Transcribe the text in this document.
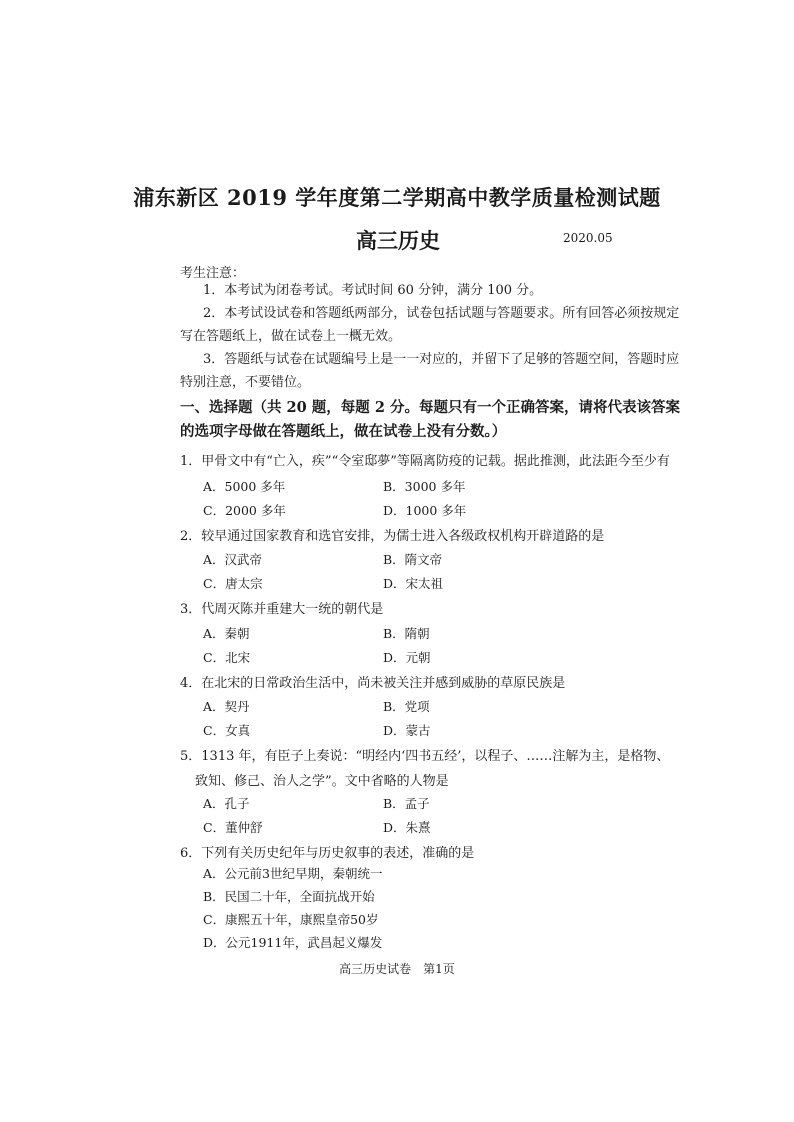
浦东新区 2019 学年度第二学期高中教学质量检测试题
高三历史	2020.05
考生注意：
1．本考试为闭卷考试。考试时间 60 分钟，满分 100 分。
2．本考试设试卷和答题纸两部分，试卷包括试题与答题要求。所有回答必须按规定
写在答题纸上，做在试卷上一概无效。
3．答题纸与试卷在试题编号上是一一对应的，并留下了足够的答题空间，答题时应
特别注意，不要错位。
一、选择题（共 20 题，每题 2 分。每题只有一个正确答案，请将代表该答案
的选项字母做在答题纸上，做在试卷上没有分数。）
1．甲骨文中有“亡入，疾”“令室邸夢”等隔离防疫的记载。据此推测，此法距今至少有
A．5000 多年	B．3000 多年
C．2000 多年	D．1000 多年
2．较早通过国家教育和选官安排，为儒士进入各级政权机构开辟道路的是
A．汉武帝	B．隋文帝
C．唐太宗	D．宋太祖
3．代周灭陈并重建大一统的朝代是
A．秦朝	B．隋朝
C．北宋	D．元朝
4．在北宋的日常政治生活中，尚未被关注并感到威胁的草原民族是
A．契丹	B．党项
C．女真	D．蒙古
5．1313 年，有臣子上奏说：“明经内‘四书五经’，以程子、……注解为主，是格物、
致知、修己、治人之学”。文中省略的人物是
A．孔子	B．孟子
C．董仲舒	D．朱熹
6．下列有关历史纪年与历史叙事的表述，准确的是
A．公元前3世纪早期，秦朝统一
B．民国二十年，全面抗战开始
C．康熙五十年，康熙皇帝50岁
D．公元1911年，武昌起义爆发
高三历史试卷　第1页
